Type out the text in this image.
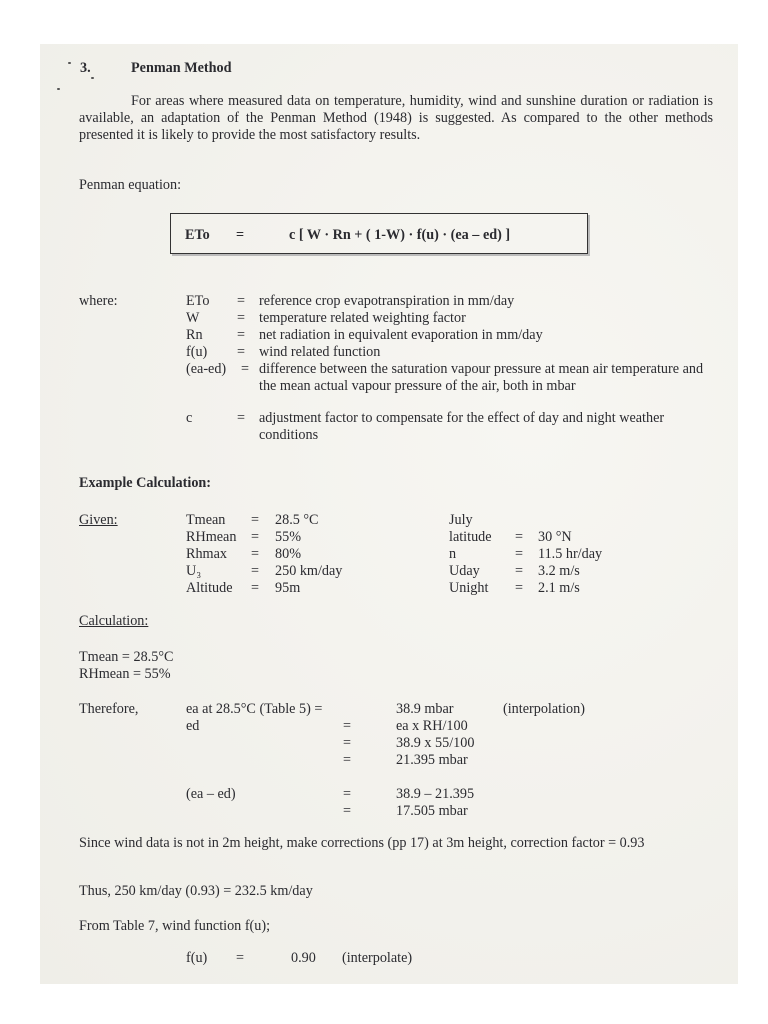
3.	Penman Method
For areas where measured data on temperature, humidity, wind and sunshine duration or radiation is available, an adaptation of the Penman Method (1948) is suggested. As compared to the other methods presented it is likely to provide the most satisfactory results.
Penman equation:
ETo =	c [ W · Rn + ( 1-W) · f(u) · (ea – ed) ]
where:	ETo = reference crop evapotranspiration in mm/day
W	= temperature related weighting factor
Rn = net radiation in equivalent evaporation in mm/day
f(u) = wind related function
(ea-ed) = difference between the saturation vapour pressure at mean air temperature and the mean actual vapour pressure of the air, both in mbar
c	= adjustment factor to compensate for the effect of day and night weather conditions
Example Calculation:
Given:	Tmean = 28.5 °C
RHmean = 55%
Rhmax = 80%
U₃	= 250 km/day
Altitude = 95m
July
latitude = 30 °N
n	= 11.5 hr/day
Uday = 3.2 m/s
Unight = 2.1 m/s
Calculation:
Tmean = 28.5°C
RHmean = 55%
Therefore,	ea at 28.5°C (Table 5) =	38.9 mbar	(interpolation)
ed	=	ea x RH/100
=	38.9 x 55/100
=	21.395 mbar
(ea – ed)	=	38.9 – 21.395
=	17.505 mbar
Since wind data is not in 2m height, make corrections (pp 17) at 3m height, correction factor = 0.93
Thus, 250 km/day (0.93) = 232.5 km/day
From Table 7, wind function f(u);
f(u) =	0.90 (interpolate)
